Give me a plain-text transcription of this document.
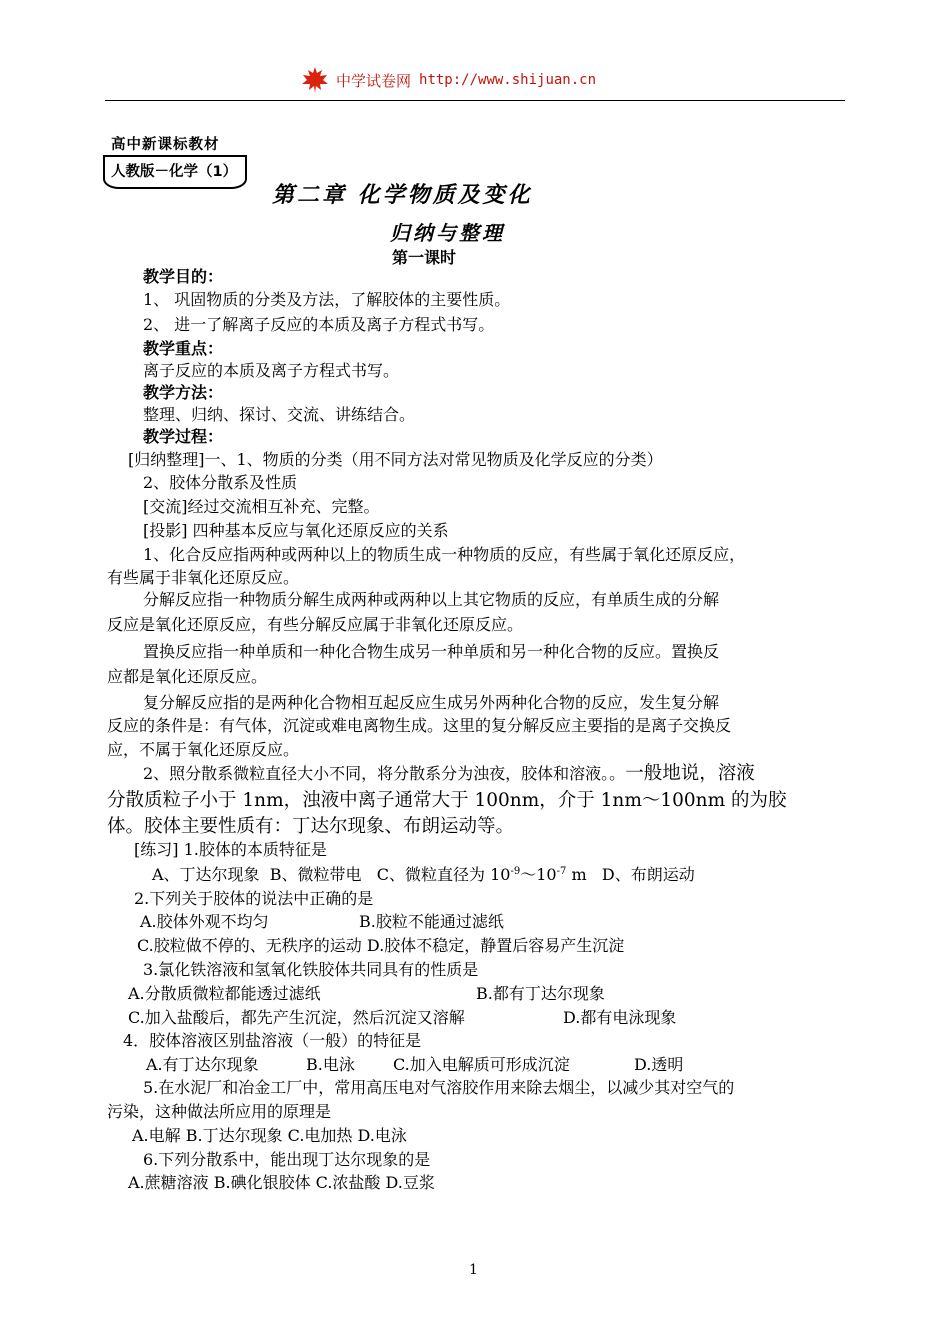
中学试卷网 http://www.shijuan.cn
高中新课标教材
人教版－化学（1）
第二章 化学物质及变化
归纳与整理
第一课时
教学目的：
1、 巩固物质的分类及方法，了解胶体的主要性质。
2、 进一了解离子反应的本质及离子方程式书写。
教学重点：
离子反应的本质及离子方程式书写。
教学方法：
整理、归纳、探讨、交流、讲练结合。
教学过程：
[归纳整理]一、1、物质的分类（用不同方法对常见物质及化学反应的分类）
2、胶体分散系及性质
[交流]经过交流相互补充、完整。
[投影] 四种基本反应与氧化还原反应的关系
1、化合反应指两种或两种以上的物质生成一种物质的反应，有些属于氧化还原反应，
有些属于非氧化还原反应。
分解反应指一种物质分解生成两种或两种以上其它物质的反应，有单质生成的分解
反应是氧化还原反应，有些分解反应属于非氧化还原反应。
置换反应指一种单质和一种化合物生成另一种单质和另一种化合物的反应。置换反
应都是氧化还原反应。
复分解反应指的是两种化合物相互起反应生成另外两种化合物的反应，发生复分解
反应的条件是：有气体，沉淀或难电离物生成。这里的复分解反应主要指的是离子交换反
应，不属于氧化还原反应。
2、照分散系微粒直径大小不同，将分散系分为浊夜，胶体和溶液。。一般地说，溶液
分散质粒子小于 1nm，浊液中离子通常大于 100nm，介于 1nm～100nm 的为胶
体。胶体主要性质有：丁达尔现象、布朗运动等。
[练习] 1.胶体的本质特征是
A、丁达尔现象 B、微粒带电 C、微粒直径为 $10^{-9}\sim 10^{-7}$ m D、布朗运动
2.下列关于胶体的说法中正确的是
A.胶体外观不均匀	B.胶粒不能通过滤纸
C.胶粒做不停的、无秩序的运动 D.胶体不稳定，静置后容易产生沉淀
3.氯化铁溶液和氢氧化铁胶体共同具有的性质是
A.分散质微粒都能透过滤纸	B.都有丁达尔现象
C.加入盐酸后，都先产生沉淀，然后沉淀又溶解	D.都有电泳现象
4．胶体溶液区别盐溶液（一般）的特征是
A.有丁达尔现象	B.电泳 C.加入电解质可形成沉淀	D.透明
5.在水泥厂和冶金工厂中，常用高压电对气溶胶作用来除去烟尘，以减少其对空气的
污染，这种做法所应用的原理是
A.电解 B.丁达尔现象 C.电加热 D.电泳
6.下列分散系中，能出现丁达尔现象的是
A.蔗糖溶液 B.碘化银胶体 C.浓盐酸 D.豆浆
1
